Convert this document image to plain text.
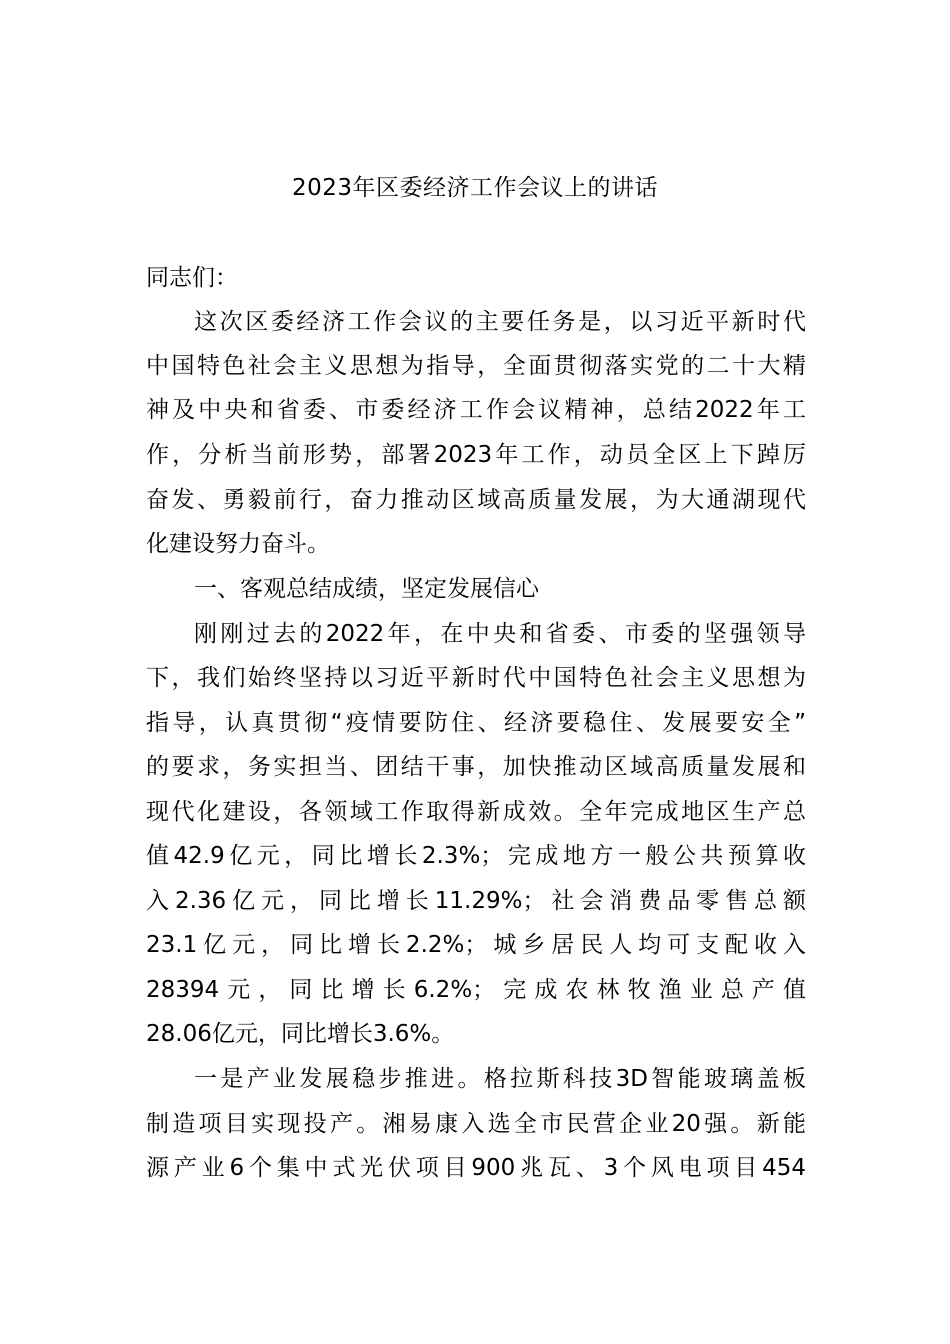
2023年区委经济工作会议上的讲话

同志们：

这次区委经济工作会议的主要任务是，以习近平新时代

中国特色社会主义思想为指导，全面贯彻落实党的二十大精

神及中央和省委、市委经济工作会议精神，总结2022年工

作，分析当前形势，部署2023年工作，动员全区上下踔厉

奋发、勇毅前行，奋力推动区域高质量发展，为大通湖现代

化建设努力奋斗。

一、客观总结成绩，坚定发展信心

刚刚过去的2022年，在中央和省委、市委的坚强领导

下，我们始终坚持以习近平新时代中国特色社会主义思想为

指导，认真贯彻“疫情要防住、经济要稳住、发展要安全”

的要求，务实担当、团结干事，加快推动区域高质量发展和

现代化建设，各领域工作取得新成效。全年完成地区生产总

值42.9亿元，同比增长2.3%；完成地方一般公共预算收

入2.36亿元，同比增长11.29%；社会消费品零售总额

23.1亿元，同比增长2.2%；城乡居民人均可支配收入

28394元，同比增长6.2%；完成农林牧渔业总产值

28.06亿元，同比增长3.6%。

一是产业发展稳步推进。格拉斯科技3D智能玻璃盖板

制造项目实现投产。湘易康入选全市民营企业20强。新能

源产业6个集中式光伏项目900兆瓦、3个风电项目454
